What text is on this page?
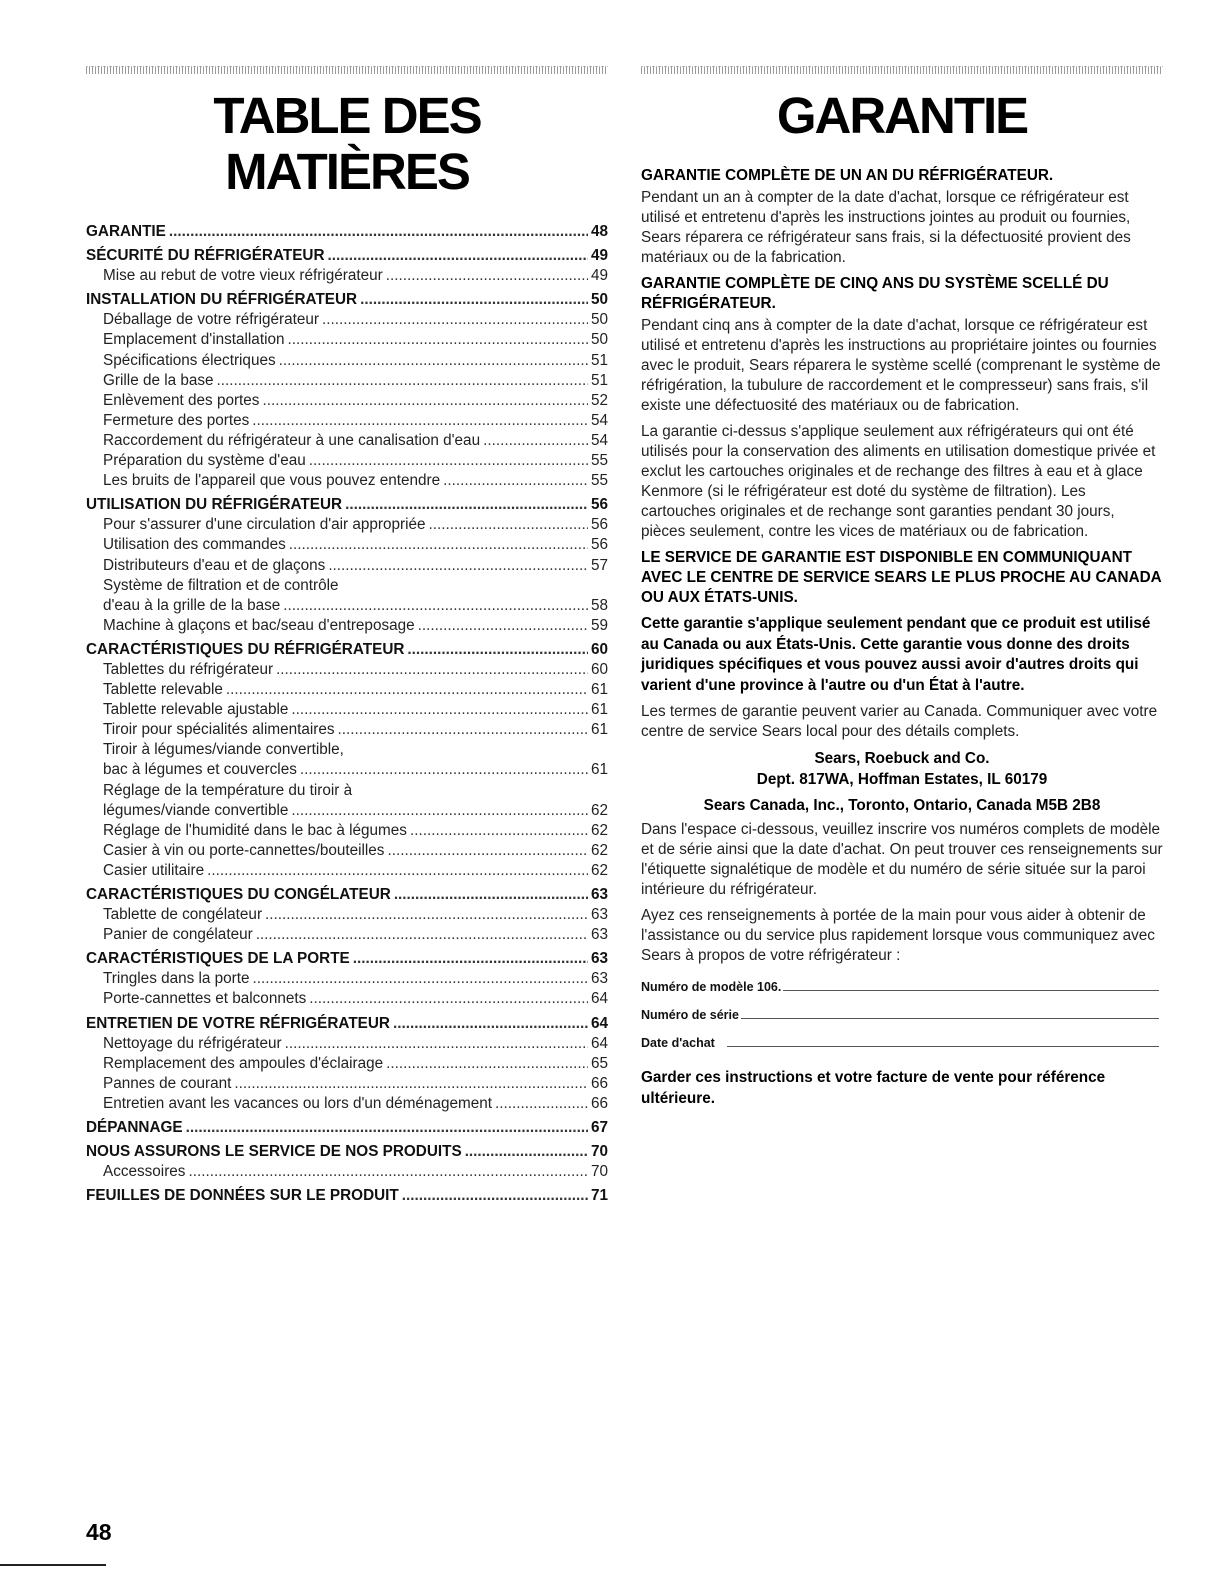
TABLE DES MATIÈRES
GARANTIE .....	48
SÉCURITÉ DU RÉFRIGÉRATEUR .....	49
Mise au rebut de votre vieux réfrigérateur .....	49
INSTALLATION DU RÉFRIGÉRATEUR .....	50
Déballage de votre réfrigérateur .....	50
Emplacement d'installation .....	50
Spécifications électriques .....	51
Grille de la base .....	51
Enlèvement des portes .....	52
Fermeture des portes .....	54
Raccordement du réfrigérateur à une canalisation d'eau .....	54
Préparation du système d'eau .....	55
Les bruits de l'appareil que vous pouvez entendre .....	55
UTILISATION DU RÉFRIGÉRATEUR .....	56
Pour s'assurer d'une circulation d'air appropriée .....	56
Utilisation des commandes .....	56
Distributeurs d'eau et de glaçons .....	57
Système de filtration et de contrôle
d'eau à la grille de la base .....	58
Machine à glaçons et bac/seau d'entreposage .....	59
CARACTÉRISTIQUES DU RÉFRIGÉRATEUR .....	60
Tablettes du réfrigérateur .....	60
Tablette relevable .....	61
Tablette relevable ajustable .....	61
Tiroir pour spécialités alimentaires .....	61
Tiroir à légumes/viande convertible,
bac à légumes et couvercles .....	61
Réglage de la température du tiroir à
légumes/viande convertible .....	62
Réglage de l'humidité dans le bac à légumes .....	62
Casier à vin ou porte-cannettes/bouteilles .....	62
Casier utilitaire .....	62
CARACTÉRISTIQUES DU CONGÉLATEUR .....	63
Tablette de congélateur .....	63
Panier de congélateur .....	63
CARACTÉRISTIQUES DE LA PORTE .....	63
Tringles dans la porte .....	63
Porte-cannettes et balconnets .....	64
ENTRETIEN DE VOTRE RÉFRIGÉRATEUR .....	64
Nettoyage du réfrigérateur .....	64
Remplacement des ampoules d'éclairage .....	65
Pannes de courant .....	66
Entretien avant les vacances ou lors d'un déménagement .....	66
DÉPANNAGE .....	67
NOUS ASSURONS LE SERVICE DE NOS PRODUITS .....	70
Accessoires .....	70
FEUILLES DE DONNÉES SUR LE PRODUIT .....	71
GARANTIE

GARANTIE COMPLÈTE DE UN AN DU RÉFRIGÉRATEUR.

Pendant un an à compter de la date d'achat, lorsque ce réfrigérateur est utilisé et entretenu d'après les instructions jointes au produit ou fournies, Sears réparera ce réfrigérateur sans frais, si la défectuosité provient des matériaux ou de la fabrication.

GARANTIE COMPLÈTE DE CINQ ANS DU SYSTÈME SCELLÉ DU RÉFRIGÉRATEUR.

Pendant cinq ans à compter de la date d'achat, lorsque ce réfrigérateur est utilisé et entretenu d'après les instructions au propriétaire jointes ou fournies avec le produit, Sears réparera le système scellé (comprenant le système de réfrigération, la tubulure de raccordement et le compresseur) sans frais, s'il existe une défectuosité des matériaux ou de fabrication.

La garantie ci-dessus s'applique seulement aux réfrigérateurs qui ont été utilisés pour la conservation des aliments en utilisation domestique privée et exclut les cartouches originales et de rechange des filtres à eau et à glace Kenmore (si le réfrigérateur est doté du système de filtration). Les cartouches originales et de rechange sont garanties pendant 30 jours, pièces seulement, contre les vices de matériaux ou de fabrication.

LE SERVICE DE GARANTIE EST DISPONIBLE EN COMMUNIQUANT AVEC LE CENTRE DE SERVICE SEARS LE PLUS PROCHE AU CANADA OU AUX ÉTATS-UNIS.

Cette garantie s'applique seulement pendant que ce produit est utilisé au Canada ou aux États-Unis. Cette garantie vous donne des droits juridiques spécifiques et vous pouvez aussi avoir d'autres droits qui varient d'une province à l'autre ou d'un État à l'autre.

Les termes de garantie peuvent varier au Canada. Communiquer avec votre centre de service Sears local pour des détails complets.

Sears, Roebuck and Co.
Dept. 817WA, Hoffman Estates, IL 60179
Sears Canada, Inc., Toronto, Ontario, Canada M5B 2B8

Dans l'espace ci-dessous, veuillez inscrire vos numéros complets de modèle et de série ainsi que la date d'achat. On peut trouver ces renseignements sur l'étiquette signalétique de modèle et du numéro de série située sur la paroi intérieure du réfrigérateur.

Ayez ces renseignements à portée de la main pour vous aider à obtenir de l'assistance ou du service plus rapidement lorsque vous communiquez avec Sears à propos de votre réfrigérateur :

Numéro de modèle 106.
Numéro de série
Date d'achat
Garder ces instructions et votre facture de vente pour référence ultérieure.
48
